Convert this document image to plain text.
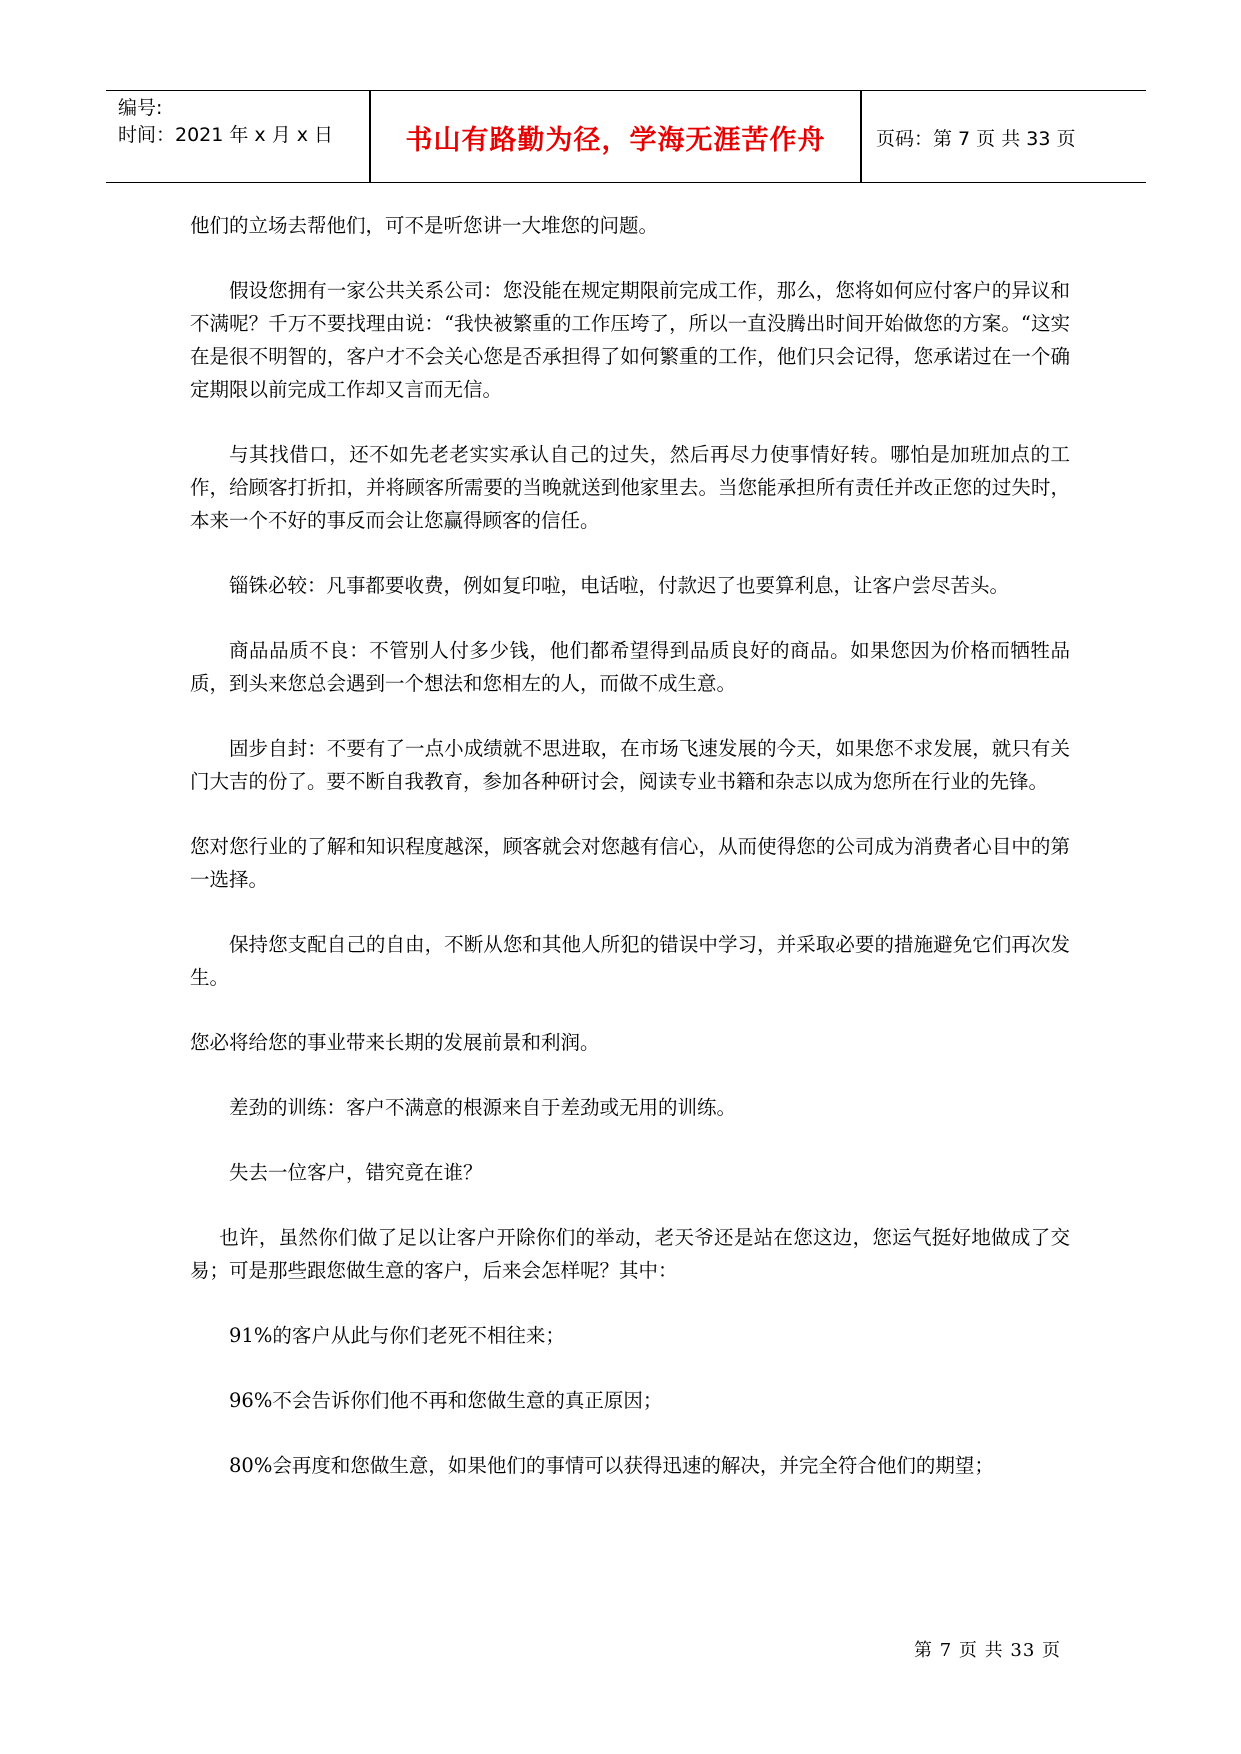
编号:
时间：2021 年 x 月 x 日	书山有路勤为径，学海无涯苦作舟	页码：第 7 页 共 33 页

他们的立场去帮他们，可不是听您讲一大堆您的问题。

假设您拥有一家公共关系公司：您没能在规定期限前完成工作，那么，您将如何应付客户的异议和不满呢？千万不要找理由说：“我快被繁重的工作压垮了，所以一直没腾出时间开始做您的方案。“这实在是很不明智的，客户才不会关心您是否承担得了如何繁重的工作，他们只会记得，您承诺过在一个确定期限以前完成工作却又言而无信。

与其找借口，还不如先老老实实承认自己的过失，然后再尽力使事情好转。哪怕是加班加点的工作，给顾客打折扣，并将顾客所需要的当晚就送到他家里去。当您能承担所有责任并改正您的过失时，本来一个不好的事反而会让您赢得顾客的信任。

锱铢必较：凡事都要收费，例如复印啦，电话啦，付款迟了也要算利息，让客户尝尽苦头。

商品品质不良：不管别人付多少钱，他们都希望得到品质良好的商品。如果您因为价格而牺牲品质，到头来您总会遇到一个想法和您相左的人，而做不成生意。

固步自封：不要有了一点小成绩就不思进取，在市场飞速发展的今天，如果您不求发展，就只有关门大吉的份了。要不断自我教育，参加各种研讨会，阅读专业书籍和杂志以成为您所在行业的先锋。

您对您行业的了解和知识程度越深，顾客就会对您越有信心，从而使得您的公司成为消费者心目中的第一选择。

保持您支配自己的自由，不断从您和其他人所犯的错误中学习，并采取必要的措施避免它们再次发生。

您必将给您的事业带来长期的发展前景和利润。

差劲的训练：客户不满意的根源来自于差劲或无用的训练。

失去一位客户，错究竟在谁？

也许，虽然你们做了足以让客户开除你们的举动，老天爷还是站在您这边，您运气挺好地做成了交易；可是那些跟您做生意的客户，后来会怎样呢？其中：

91%的客户从此与你们老死不相往来；

96%不会告诉你们他不再和您做生意的真正原因；

80%会再度和您做生意，如果他们的事情可以获得迅速的解决，并完全符合他们的期望；

第 7 页 共 33 页
